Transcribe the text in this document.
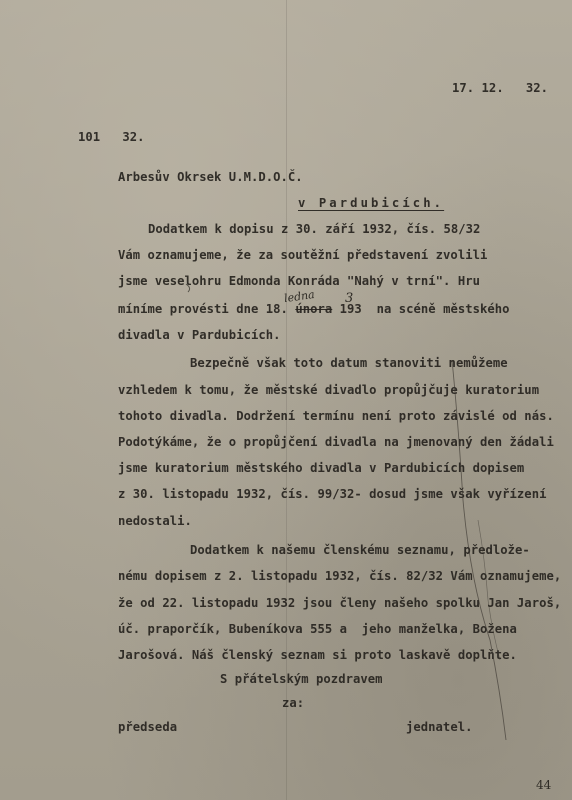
17. 12.   32.
101   32.
Arbesův Okrsek U.M.D.O.Č.
v Pardubicích.
Dodatkem k dopisu z 30. září 1932, čís. 58/32
Vám oznamujeme, že za soutěžní představení zvolili
jsme veselohru Edmonda Konráda "Nahý v trní". Hru
míníme provésti dne 18. února 193  na scéně městského
ledna 3
divadla v Pardubicích.
Bezpečně však toto datum stanoviti nemůžeme
vzhledem k tomu, že městské divadlo propůjčuje kuratorium
tohoto divadla. Dodržení termínu není proto závislé od nás.
Podotýkáme, že o propůjčení divadla na jmenovaný den žádali
jsme kuratorium městského divadla v Pardubicích dopisem
z 30. listopadu 1932, čís. 99/32- dosud jsme však vyřízení
nedostali.
Dodatkem k našemu členskému seznamu, předlože-
nému dopisem z 2. listopadu 1932, čís. 82/32 Vám oznamujeme,
že od 22. listopadu 1932 jsou členy našeho spolku Jan Jaroš,
úč. praporčík, Bubeníkova 555 a  jeho manželka, Božena
Jarošová. Náš členský seznam si proto laskavě doplňte.
S přátelským pozdravem
za:
předseda	jednatel.
44
